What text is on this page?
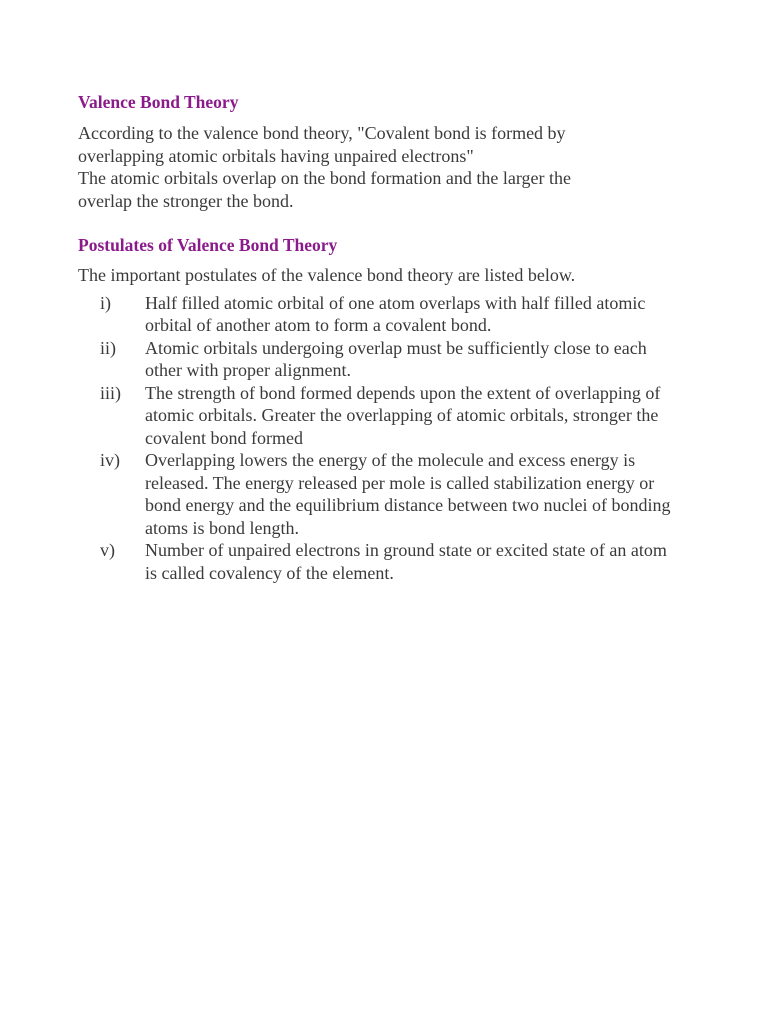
Valence Bond Theory
According to the valence bond theory, "Covalent bond is formed by
overlapping atomic orbitals having unpaired electrons"
The atomic orbitals overlap on the bond formation and the larger the
overlap the stronger the bond.
Postulates of Valence Bond Theory

The important postulates of the valence bond theory are listed below.

i)	Half filled atomic orbital of one atom overlaps with half filled atomic orbital of another atom to form a covalent bond.
ii)	Atomic orbitals undergoing overlap must be sufficiently close to each other with proper alignment.
iii)	The strength of bond formed depends upon the extent of overlapping of atomic orbitals. Greater the overlapping of atomic orbitals, stronger the covalent bond formed
iv)	Overlapping lowers the energy of the molecule and excess energy is released. The energy released per mole is called stabilization energy or bond energy and the equilibrium distance between two nuclei of bonding atoms is bond length.
v)	Number of unpaired electrons in ground state or excited state of an atom is called covalency of the element.
